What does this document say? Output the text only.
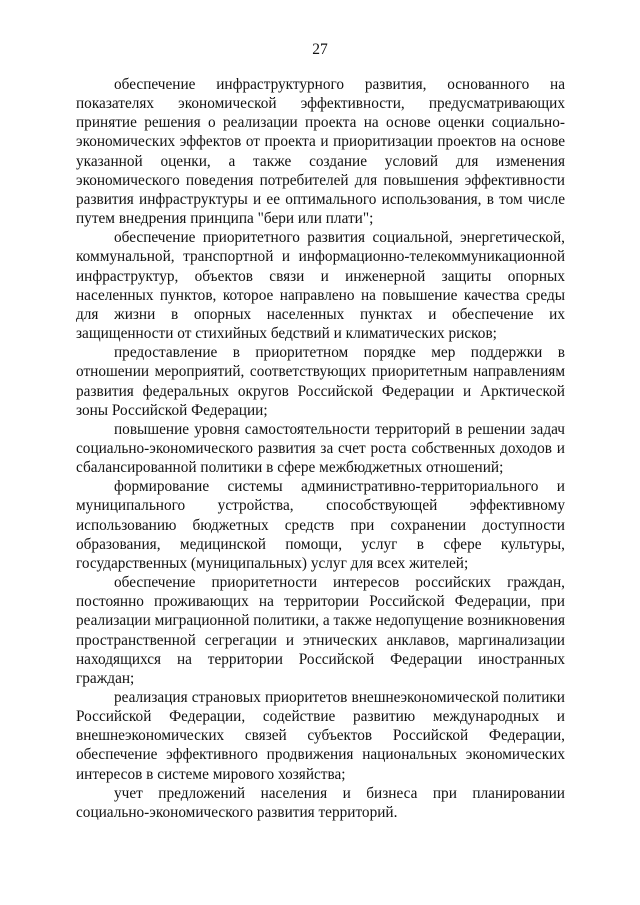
27

обеспечение инфраструктурного развития, основанного на показателях экономической эффективности, предусматривающих принятие решения о реализации проекта на основе оценки социально-экономических эффектов от проекта и приоритизации проектов на основе указанной оценки, а также создание условий для изменения экономического поведения потребителей для повышения эффективности развития инфраструктуры и ее оптимального использования, в том числе путем внедрения принципа "бери или плати";

обеспечение приоритетного развития социальной, энергетической, коммунальной, транспортной и информационно-телекоммуникационной инфраструктур, объектов связи и инженерной защиты опорных населенных пунктов, которое направлено на повышение качества среды для жизни в опорных населенных пунктах и обеспечение их защищенности от стихийных бедствий и климатических рисков;

предоставление в приоритетном порядке мер поддержки в отношении мероприятий, соответствующих приоритетным направлениям развития федеральных округов Российской Федерации и Арктической зоны Российской Федерации;

повышение уровня самостоятельности территорий в решении задач социально-экономического развития за счет роста собственных доходов и сбалансированной политики в сфере межбюджетных отношений;

формирование системы административно-территориального и муниципального устройства, способствующей эффективному использованию бюджетных средств при сохранении доступности образования, медицинской помощи, услуг в сфере культуры, государственных (муниципальных) услуг для всех жителей;

обеспечение приоритетности интересов российских граждан, постоянно проживающих на территории Российской Федерации, при реализации миграционной политики, а также недопущение возникновения пространственной сегрегации и этнических анклавов, маргинализации находящихся на территории Российской Федерации иностранных граждан;

реализация страновых приоритетов внешнеэкономической политики Российской Федерации, содействие развитию международных и внешнеэкономических связей субъектов Российской Федерации, обеспечение эффективного продвижения национальных экономических интересов в системе мирового хозяйства;

учет предложений населения и бизнеса при планировании социально-экономического развития территорий.
